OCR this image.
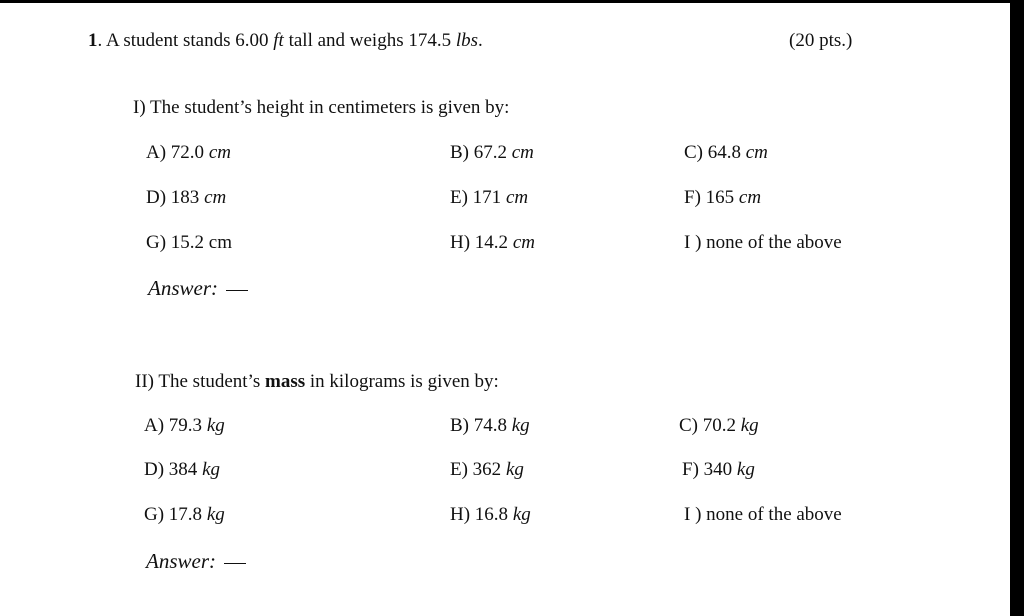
1. A student stands 6.00 ft tall and weighs 174.5 lbs.	(20 pts.)
I) The student’s height in centimeters is given by:
A) 72.0 cm	B) 67.2 cm	C) 64.8 cm
D) 183 cm	E) 171 cm	F) 165 cm
G) 15.2 cm	H) 14.2 cm	I ) none of the above
Answer:
II) The student’s mass in kilograms is given by:
A) 79.3 kg	B) 74.8 kg	C) 70.2 kg
D) 384 kg	E) 362 kg	F) 340 kg
G) 17.8 kg	H) 16.8 kg	I ) none of the above
Answer:
